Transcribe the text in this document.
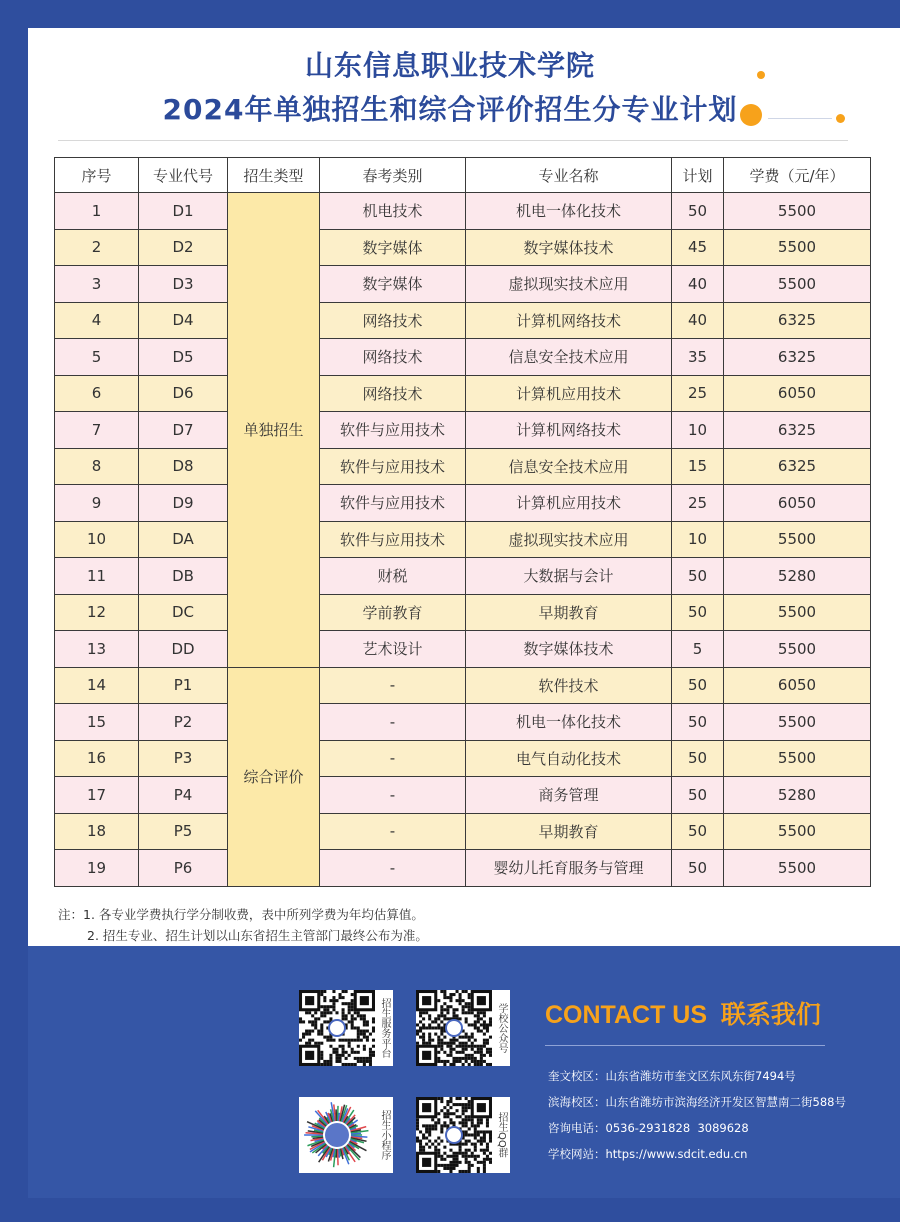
山东信息职业技术学院
2024年单独招生和综合评价招生分专业计划
序号	专业代号	招生类型	春考类别	专业名称	计划	学费（元/年）
1	D1	单独招生	机电技术	机电一体化技术	50	5500
2	D2		数字媒体	数字媒体技术	45	5500
3	D3		数字媒体	虚拟现实技术应用	40	5500
4	D4		网络技术	计算机网络技术	40	6325
5	D5		网络技术	信息安全技术应用	35	6325
6	D6		网络技术	计算机应用技术	25	6050
7	D7		软件与应用技术	计算机网络技术	10	6325
8	D8		软件与应用技术	信息安全技术应用	15	6325
9	D9		软件与应用技术	计算机应用技术	25	6050
10	DA		软件与应用技术	虚拟现实技术应用	10	5500
11	DB		财税	大数据与会计	50	5280
12	DC		学前教育	早期教育	50	5500
13	DD		艺术设计	数字媒体技术	5	5500
14	P1	综合评价	-	软件技术	50	6050
15	P2		-	机电一体化技术	50	5500
16	P3		-	电气自动化技术	50	5500
17	P4		-	商务管理	50	5280
18	P5		-	早期教育	50	5500
19	P6		-	婴幼儿托育服务与管理	50	5500
注：1. 各专业学费执行学分制收费，表中所列学费为年均估算值。
2. 招生专业、招生计划以山东省招生主管部门最终公布为准。
招生服务平台	学校公众号
招生小程序	招生QQ群
CONTACT US  联系我们
奎文校区：山东省潍坊市奎文区东风东街7494号
滨海校区：山东省潍坊市滨海经济开发区智慧南二街588号
咨询电话：0536-2931828  3089628
学校网站：https://www.sdcit.edu.cn
